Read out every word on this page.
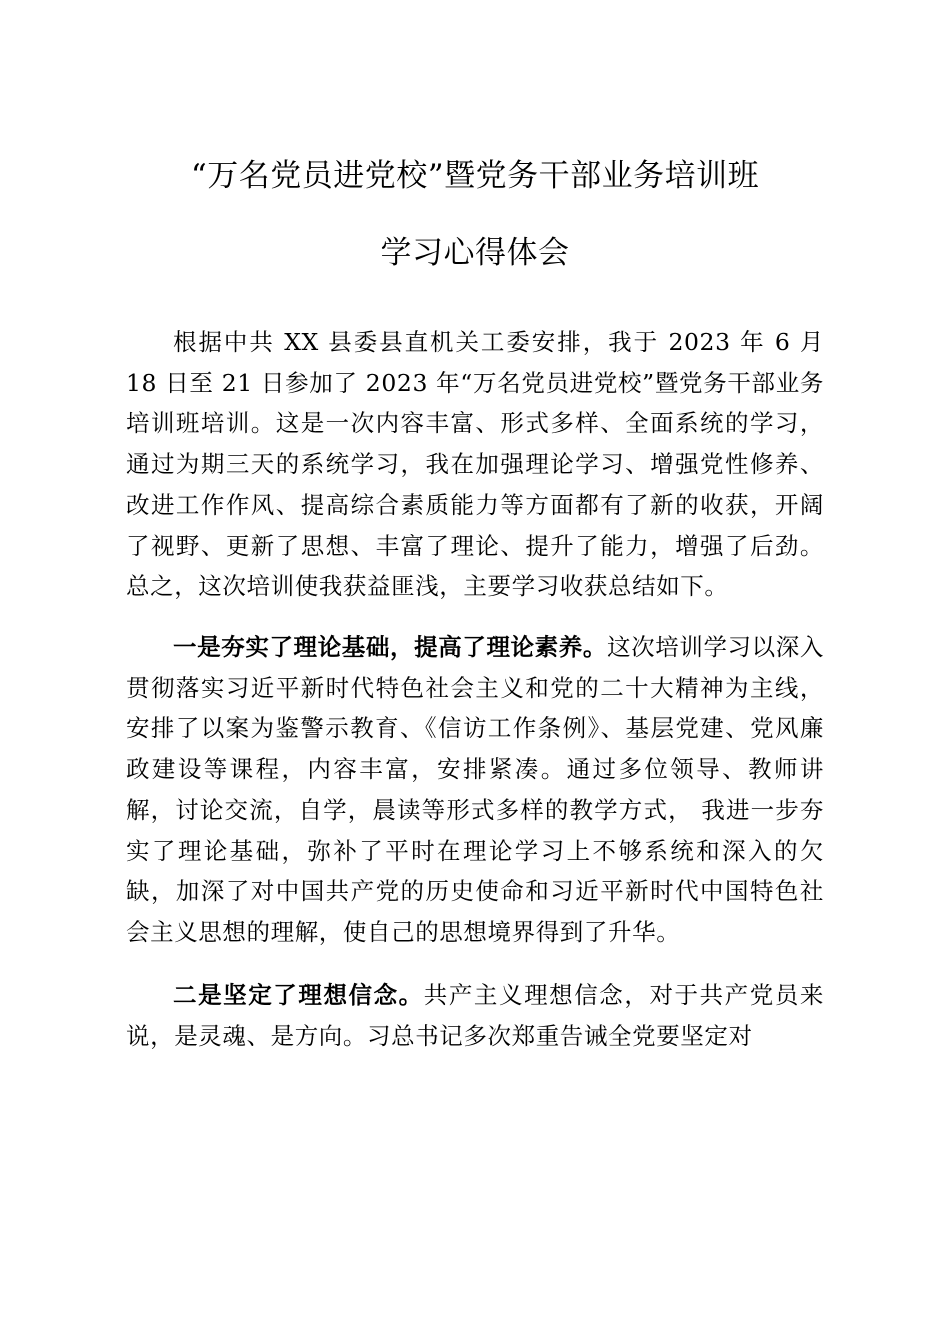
“万名党员进党校”暨党务干部业务培训班
学习心得体会

根据中共 XX 县委县直机关工委安排，我于 2023 年 6 月 18 日至 21 日参加了 2023 年“万名党员进党校”暨党务干部业务培训班培训。这是一次内容丰富、形式多样、全面系统的学习，通过为期三天的系统学习，我在加强理论学习、增强党性修养、 改进工作作风、提高综合素质能力等方面都有了新的收获，开阔了视野、更新了思想、丰富了理论、提升了能力，增强了后劲。总之，这次培训使我获益匪浅，主要学习收获总结如下。

一是夯实了理论基础，提高了理论素养。这次培训学习以深入贯彻落实习近平新时代特色社会主义和党的二十大精神为主线，安排了以案为鉴警示教育、《信访工作条例》、基层党建、党风廉政建设等课程，内容丰富，安排紧凑。通过多位领导、教师讲解，讨论交流，自学，晨读等形式多样的教学方式， 我进一步夯实了理论基础，弥补了平时在理论学习上不够系统和深入的欠缺，加深了对中国共产党的历史使命和习近平新时代中国特色社会主义思想的理解，使自己的思想境界得到了升华。

二是坚定了理想信念。共产主义理想信念，对于共产党员来说，是灵魂、是方向。习总书记多次郑重告诫全党要坚定对
